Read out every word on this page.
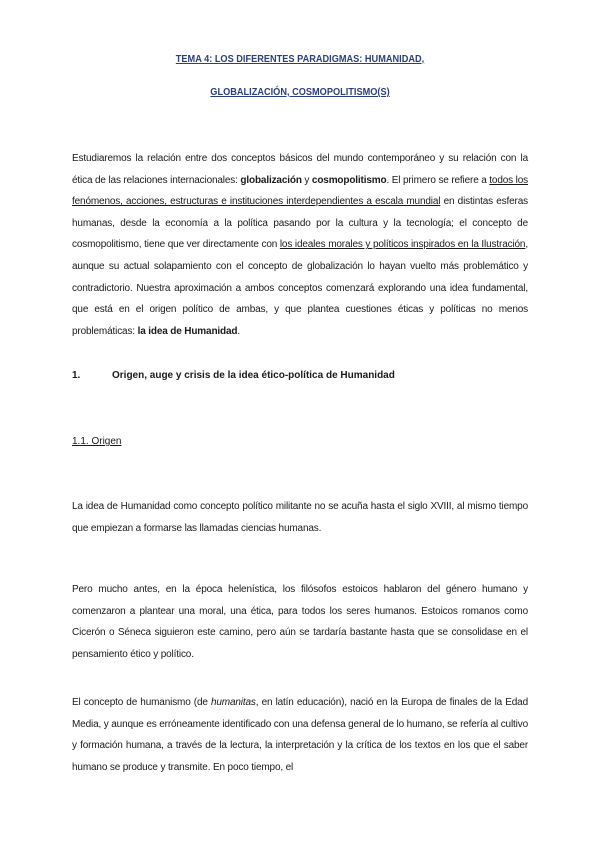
TEMA 4: LOS DIFERENTES PARADIGMAS: HUMANIDAD,
GLOBALIZACIÓN, COSMOPOLITISMO(S)
Estudiaremos la relación entre dos conceptos básicos del mundo contemporáneo y su relación con la ética de las relaciones internacionales: globalización y cosmopolitismo. El primero se refiere a todos los fenómenos, acciones, estructuras e instituciones interdependientes a escala mundial en distintas esferas humanas, desde la economía a la política pasando por la cultura y la tecnología; el concepto de cosmopolitismo, tiene que ver directamente con los ideales morales y políticos inspirados en la Ilustración, aunque su actual solapamiento con el concepto de globalización lo hayan vuelto más problemático y contradictorio. Nuestra aproximación a ambos conceptos comenzará explorando una idea fundamental, que está en el origen político de ambas, y que plantea cuestiones éticas y políticas no menos problemáticas: la idea de Humanidad.
1.	Origen, auge y crisis de la idea ético-política de Humanidad
1.1. Origen
La idea de Humanidad como concepto político militante no se acuña hasta el siglo XVIII, al mismo tiempo que empiezan a formarse las llamadas ciencias humanas.
Pero mucho antes, en la época helenística, los filósofos estoicos hablaron del género humano y comenzaron a plantear una moral, una ética, para todos los seres humanos. Estoicos romanos como Cicerón o Séneca siguieron este camino, pero aún se tardaría bastante hasta que se consolidase en el pensamiento ético y político.
El concepto de humanismo (de humanitas, en latín educación), nació en la Europa de finales de la Edad Media, y aunque es erróneamente identificado con una defensa general de lo humano, se refería al cultivo y formación humana, a través de la lectura, la interpretación y la crítica de los textos en los que el saber humano se produce y transmite. En poco tiempo, el
